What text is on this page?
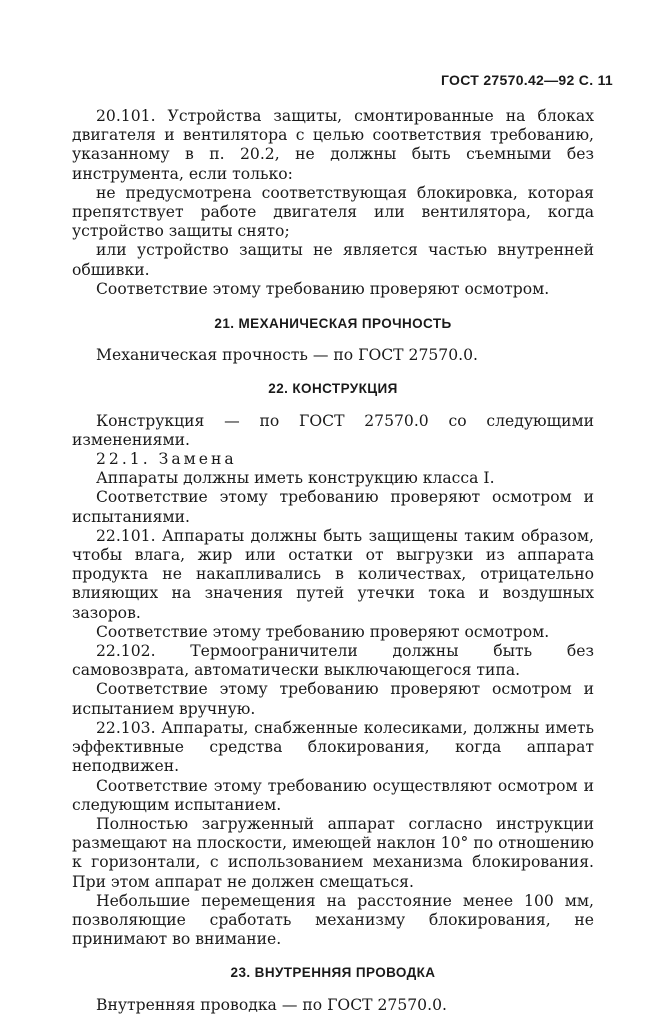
ГОСТ 27570.42—92 С. 11

20.101. Устройства защиты, смонтированные на блоках двигателя и вентилятора с целью соответствия требованию, указанному в п. 20.2, не должны быть съемными без инструмента, если только:

не предусмотрена соответствующая блокировка, которая препятствует работе двигателя или вентилятора, когда устройство защиты снято;

или устройство защиты не является частью внутренней обшивки.

Соответствие этому требованию проверяют осмотром.

21. МЕХАНИЧЕСКАЯ ПРОЧНОСТЬ

Механическая прочность — по ГОСТ 27570.0.

22. КОНСТРУКЦИЯ

Конструкция — по ГОСТ 27570.0 со следующими изменениями.

22.1. Замена

Аппараты должны иметь конструкцию класса I.

Соответствие этому требованию проверяют осмотром и испытаниями.

22.101. Аппараты должны быть защищены таким образом, чтобы влага, жир или остатки от выгрузки из аппарата продукта не накапливались в количествах, отрицательно влияющих на значения путей утечки тока и воздушных зазоров.

Соответствие этому требованию проверяют осмотром.

22.102. Термоограничители должны быть без самовозврата, автоматически выключающегося типа.

Соответствие этому требованию проверяют осмотром и испытанием вручную.

22.103. Аппараты, снабженные колесиками, должны иметь эффективные средства блокирования, когда аппарат неподвижен.

Соответствие этому требованию осуществляют осмотром и следующим испытанием.

Полностью загруженный аппарат согласно инструкции размещают на плоскости, имеющей наклон 10° по отношению к горизонтали, с использованием механизма блокирования. При этом аппарат не должен смещаться.

Небольшие перемещения на расстояние менее 100 мм, позволяющие сработать механизму блокирования, не принимают во внимание.

23. ВНУТРЕННЯЯ ПРОВОДКА

Внутренняя проводка — по ГОСТ 27570.0.
